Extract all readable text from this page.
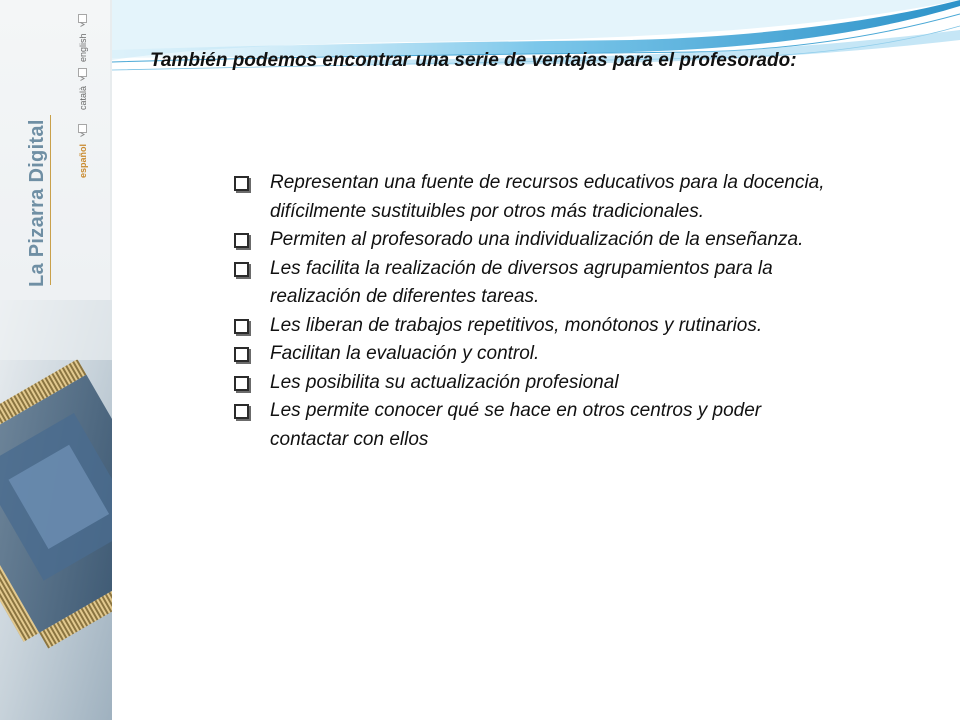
La Pizarra Digital	español
català
english	También podemos encontrar una serie de ventajas para el profesorado:
Representan una fuente de recursos educativos para la docencia, difícilmente sustituibles por otros más tradicionales.
Permiten al profesorado una individualización de la enseñanza.
Les facilita la realización de diversos agrupamientos para la realización de diferentes tareas.
Les liberan de trabajos repetitivos, monótonos y rutinarios.
Facilitan la evaluación y control.
Les posibilita su actualización profesional
Les permite conocer qué se hace en otros centros y poder contactar con ellos
